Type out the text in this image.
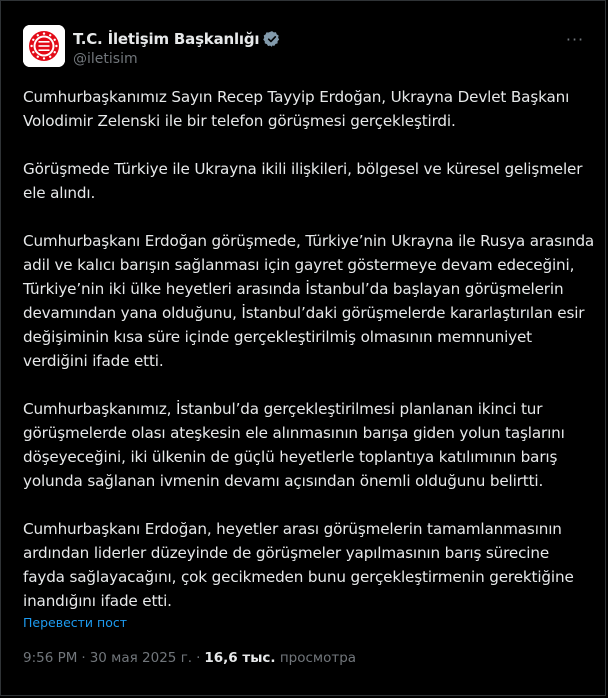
T.C. İletişim Başkanlığı
@iletisim
···

Cumhurbaşkanımız Sayın Recep Tayyip Erdoğan, Ukrayna Devlet Başkanı Volodimir Zelenski ile bir telefon görüşmesi gerçekleştirdi.

Görüşmede Türkiye ile Ukrayna ikili ilişkileri, bölgesel ve küresel gelişmeler ele alındı.

Cumhurbaşkanı Erdoğan görüşmede, Türkiye’nin Ukrayna ile Rusya arasında adil ve kalıcı barışın sağlanması için gayret göstermeye devam edeceğini, Türkiye’nin iki ülke heyetleri arasında İstanbul’da başlayan görüşmelerin devamından yana olduğunu, İstanbul’daki görüşmelerde kararlaştırılan esir değişiminin kısa süre içinde gerçekleştirilmiş olmasının memnuniyet verdiğini ifade etti.

Cumhurbaşkanımız, İstanbul’da gerçekleştirilmesi planlanan ikinci tur görüşmelerde olası ateşkesin ele alınmasının barışa giden yolun taşlarını döşeyeceğini, iki ülkenin de güçlü heyetlerle toplantıya katılımının barış yolunda sağlanan ivmenin devamı açısından önemli olduğunu belirtti.

Cumhurbaşkanı Erdoğan, heyetler arası görüşmelerin tamamlanmasının ardından liderler düzeyinde de görüşmeler yapılmasının barış sürecine fayda sağlayacağını, çok gecikmeden bunu gerçekleştirmenin gerektiğine inandığını ifade etti.

Перевести пост
9:56 PM · 30 мая 2025 г. · 16,6 тыс. просмотра
